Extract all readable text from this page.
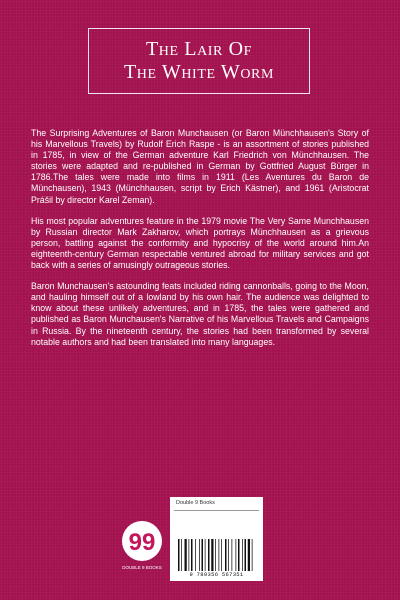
The Lair Of
The White Worm

The Surprising Adventures of Baron Munchausen (or Baron Münchhausen's Story of his Marvellous Travels) by Rudolf Erich Raspe - is an assortment of stories published in 1785, in view of the German adventure Karl Friedrich von Münchhausen. The stories were adapted and re-published in German by Gottfried August Bürger in 1786.The tales were made into films in 1911 (Les Aventures du Baron de Münchausen), 1943 (Münchhausen, script by Erich Kästner), and 1961 (Aristocrat Prášil by director Karel Zeman).

His most popular adventures feature in the 1979 movie The Very Same Munchhausen by Russian director Mark Zakharov, which portrays Münchhausen as a grievous person, battling against the conformity and hypocrisy of the world around him.An eighteenth-century German respectable ventured abroad for military services and got back with a series of amusingly outrageous stories.

Baron Munchausen's astounding feats included riding cannonballs, going to the Moon, and hauling himself out of a lowland by his own hair. The audience was delighted to know about these unlikely adventures, and in 1785, the tales were gathered and published as Baron Munchausen's Narrative of his Marvellous Travels and Campaigns in Russia. By the nineteenth century, the stories had been transformed by several notable authors and had been translated into many languages.

99
DOUBLE 9 BOOKS
Double 9 Books
9 789356 567351
